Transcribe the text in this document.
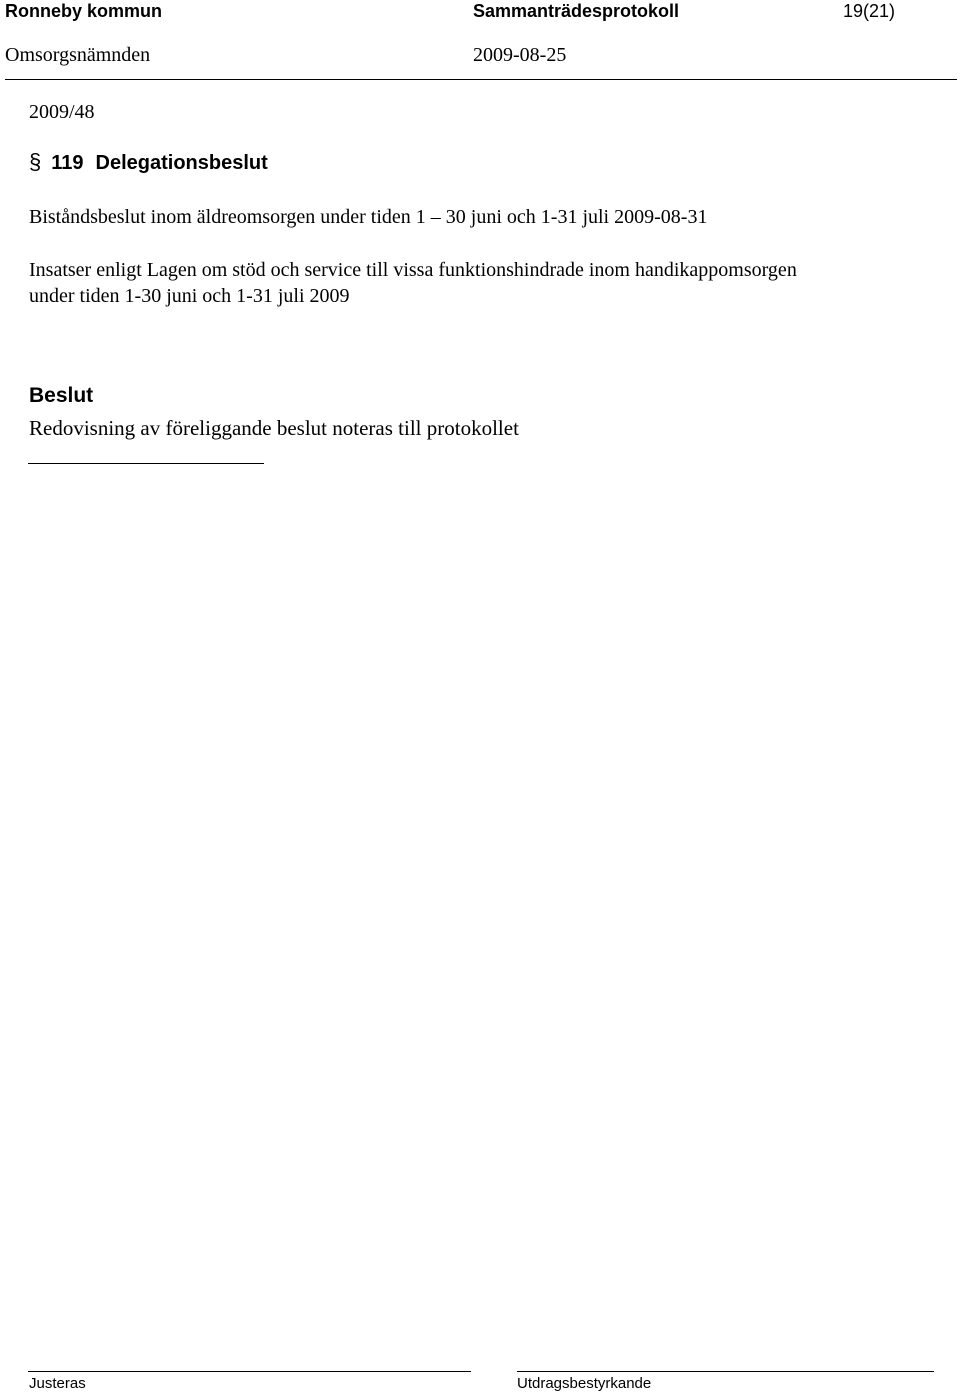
Ronneby kommun	Sammanträdesprotokoll	19(21)
Omsorgsnämnden	2009-08-25
2009/48
§ 119 Delegationsbeslut
Biståndsbeslut inom äldreomsorgen under tiden 1 – 30 juni och 1-31 juli 2009-08-31
Insatser enligt Lagen om stöd och service till vissa funktionshindrade inom handikappomsorgen
under tiden 1-30 juni och 1-31 juli 2009
Beslut
Redovisning av föreliggande beslut noteras till protokollet
Justeras	Utdragsbestyrkande
